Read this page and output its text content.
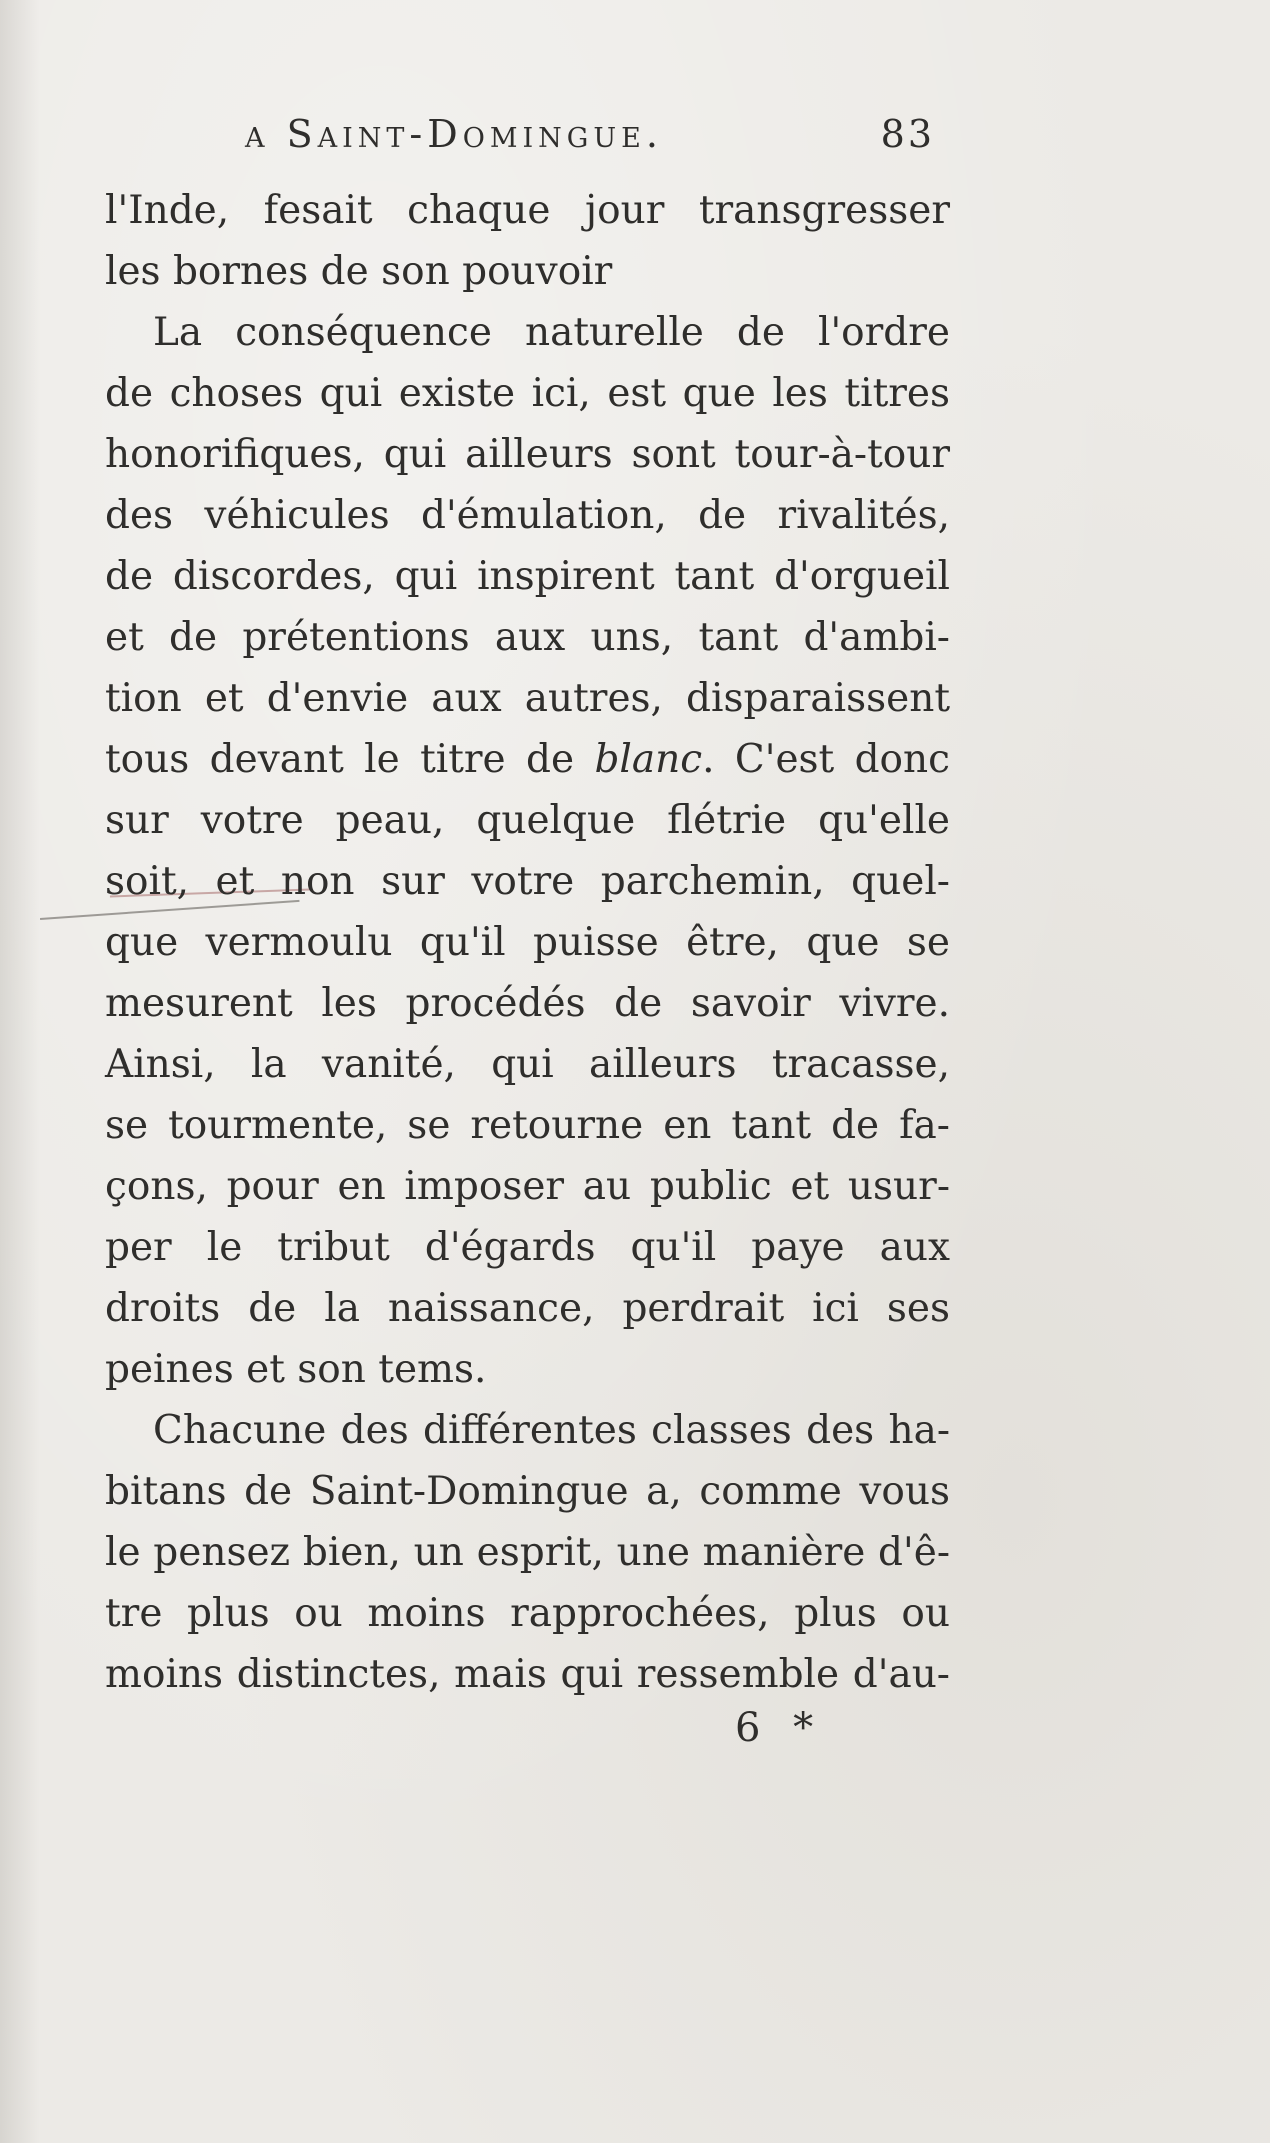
a Saint-Domingue.	83
l'Inde, fesait chaque jour transgresser
les bornes de son pouvoir
La conséquence naturelle de l'ordre
de choses qui existe ici, est que les titres
honorifiques, qui ailleurs sont tour-à-tour
des véhicules d'émulation, de rivalités,
de discordes, qui inspirent tant d'orgueil
et de prétentions aux uns, tant d'ambi-
tion et d'envie aux autres, disparaissent
tous devant le titre de blanc. C'est donc
sur votre peau, quelque flétrie qu'elle
soit, et non sur votre parchemin, quel-
que vermoulu qu'il puisse être, que se
mesurent les procédés de savoir vivre.
Ainsi, la vanité, qui ailleurs tracasse,
se tourmente, se retourne en tant de fa-
çons, pour en imposer au public et usur-
per le tribut d'égards qu'il paye aux
droits de la naissance, perdrait ici ses
peines et son tems.
Chacune des différentes classes des ha-
bitans de Saint-Domingue a, comme vous
le pensez bien, un esprit, une manière d'ê-
tre plus ou moins rapprochées, plus ou
moins distinctes, mais qui ressemble d'au-
6 *
